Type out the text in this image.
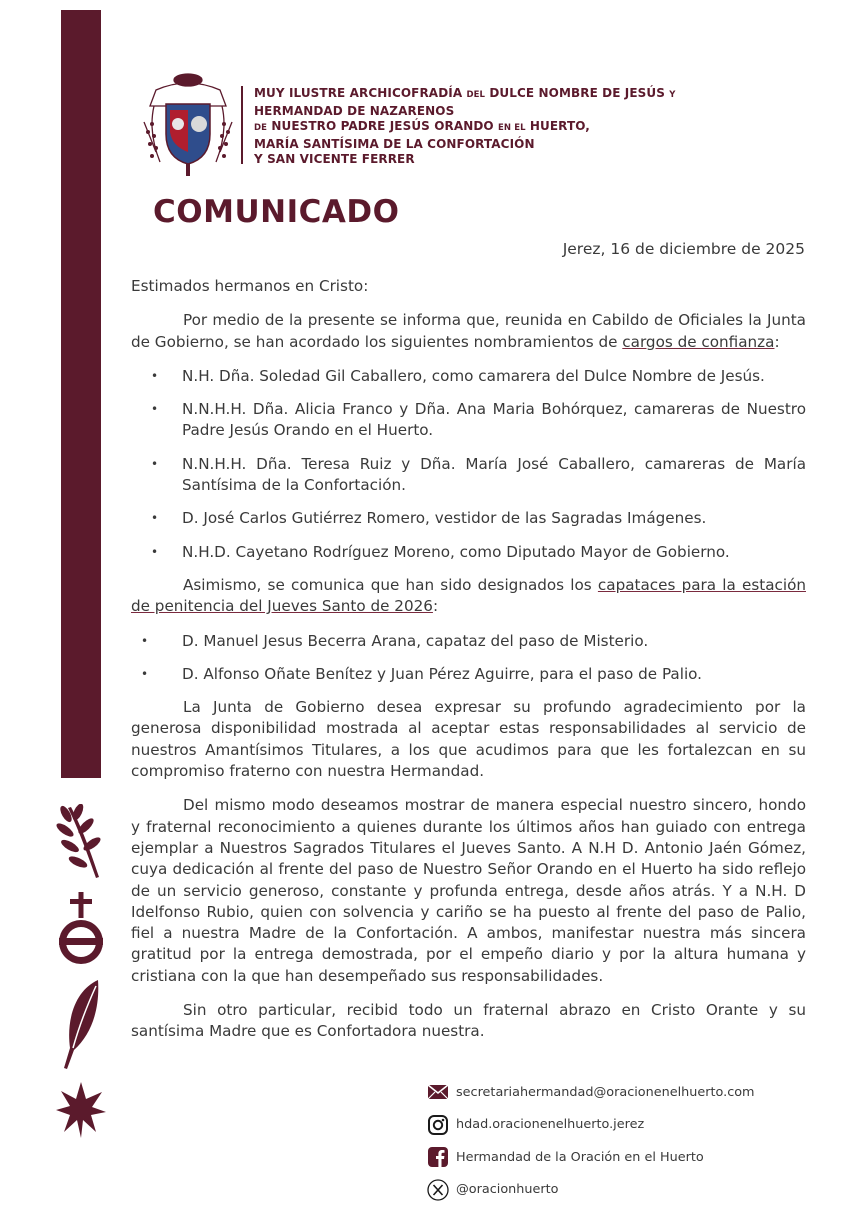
MUY ILUSTRE ARCHICOFRADÍA DEL DULCE NOMBRE DE JESÚS Y
HERMANDAD DE NAZARENOS
DE NUESTRO PADRE JESÚS ORANDO EN EL HUERTO,
MARÍA SANTÍSIMA DE LA CONFORTACIÓN
Y SAN VICENTE FERRER
COMUNICADO
Jerez, 16 de diciembre de 2025

Estimados hermanos en Cristo:

Por medio de la presente se informa que, reunida en Cabildo de Oficiales la Junta de Gobierno, se han acordado los siguientes nombramientos de cargos de confianza:

• N.H. Dña. Soledad Gil Caballero, como camarera del Dulce Nombre de Jesús.
• N.N.H.H. Dña. Alicia Franco y Dña. Ana Maria Bohórquez, camareras de Nuestro Padre Jesús Orando en el Huerto.
• N.N.H.H. Dña. Teresa Ruiz y Dña. María José Caballero, camareras de María Santísima de la Confortación.
• D. José Carlos Gutiérrez Romero, vestidor de las Sagradas Imágenes.
• N.H.D. Cayetano Rodríguez Moreno, como Diputado Mayor de Gobierno.

Asimismo, se comunica que han sido designados los capataces para la estación de penitencia del Jueves Santo de 2026:

• D. Manuel Jesus Becerra Arana, capataz del paso de Misterio.
• D. Alfonso Oñate Benítez y Juan Pérez Aguirre, para el paso de Palio.

La Junta de Gobierno desea expresar su profundo agradecimiento por la generosa disponibilidad mostrada al aceptar estas responsabilidades al servicio de nuestros Amantísimos Titulares, a los que acudimos para que les fortalezcan en su compromiso fraterno con nuestra Hermandad.

Del mismo modo deseamos mostrar de manera especial nuestro sincero, hondo y fraternal reconocimiento a quienes durante los últimos años han guiado con entrega ejemplar a Nuestros Sagrados Titulares el Jueves Santo. A N.H D. Antonio Jaén Gómez, cuya dedicación al frente del paso de Nuestro Señor Orando en el Huerto ha sido reflejo de un servicio generoso, constante y profunda entrega, desde años atrás. Y a N.H. D Idelfonso Rubio, quien con solvencia y cariño se ha puesto al frente del paso de Palio, fiel a nuestra Madre de la Confortación. A ambos, manifestar nuestra más sincera gratitud por la entrega demostrada, por el empeño diario y por la altura humana y cristiana con la que han desempeñado sus responsabilidades.

Sin otro particular, recibid todo un fraternal abrazo en Cristo Orante y su santísima Madre que es Confortadora nuestra.

secretariahermandad@oracionenelhuerto.com
hdad.oracionenelhuerto.jerez
Hermandad de la Oración en el Huerto
@oracionhuerto
